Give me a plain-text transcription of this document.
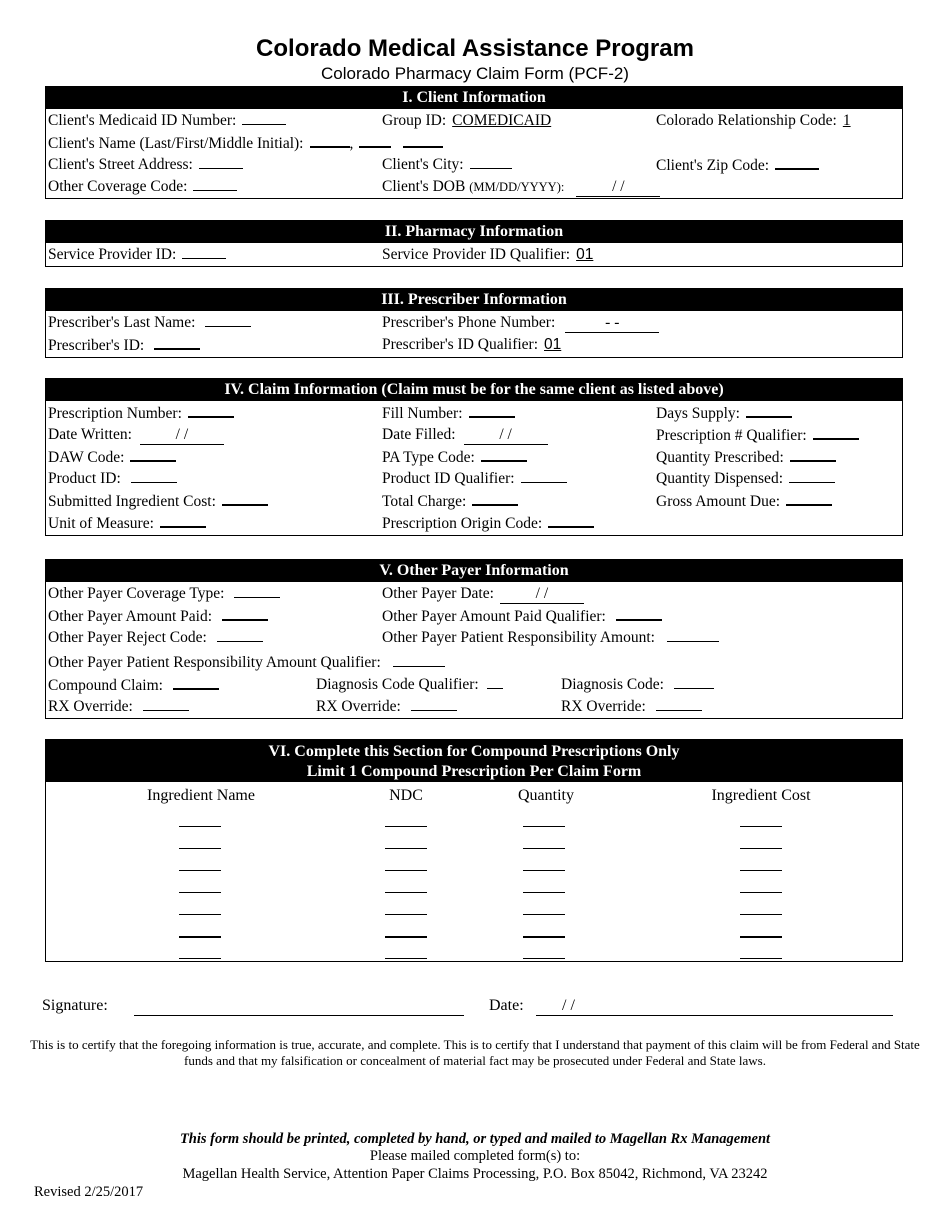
Colorado Medical Assistance Program
Colorado Pharmacy Claim Form (PCF-2)
I. Client Information
Client's Medicaid ID Number:	Group ID: COMEDICAID	Colorado Relationship Code: 1
Client's Name (Last/First/Middle Initial):	,
Client's Street Address:	Client's City:	Client's Zip Code:
Other Coverage Code:	Client's DOB (MM/DD/YYYY):	/ /
II. Pharmacy Information
Service Provider ID:	Service Provider ID Qualifier: 01
III. Prescriber Information
Prescriber's Last Name:	Prescriber's Phone Number:	- -
Prescriber's ID:	Prescriber's ID Qualifier: 01
IV. Claim Information (Claim must be for the same client as listed above)
Prescription Number:	Fill Number:	Days Supply:
Date Written:	/ /	Date Filled:	/ /	Prescription # Qualifier:
DAW Code:	PA Type Code:	Quantity Prescribed:
Product ID:	Product ID Qualifier:	Quantity Dispensed:
Submitted Ingredient Cost:	Total Charge:	Gross Amount Due:
Unit of Measure:	Prescription Origin Code:
V. Other Payer Information
Other Payer Coverage Type:	Other Payer Date:	/ /
Other Payer Amount Paid:	Other Payer Amount Paid Qualifier:
Other Payer Reject Code:	Other Payer Patient Responsibility Amount:
Other Payer Patient Responsibility Amount Qualifier:
Compound Claim:	Diagnosis Code Qualifier:	Diagnosis Code:
RX Override:	RX Override:	RX Override:
VI. Complete this Section for Compound Prescriptions Only
Limit 1 Compound Prescription Per Claim Form
Ingredient Name	NDC	Quantity	Ingredient Cost
Signature:	Date:	/ /
This is to certify that the foregoing information is true, accurate, and complete. This is to certify that I understand that payment of this claim will be from Federal and State funds and that my falsification or concealment of material fact may be prosecuted under Federal and State laws.
This form should be printed, completed by hand, or typed and mailed to Magellan Rx Management
Please mailed completed form(s) to:
Magellan Health Service, Attention Paper Claims Processing, P.O. Box 85042, Richmond, VA 23242
Revised 2/25/2017
